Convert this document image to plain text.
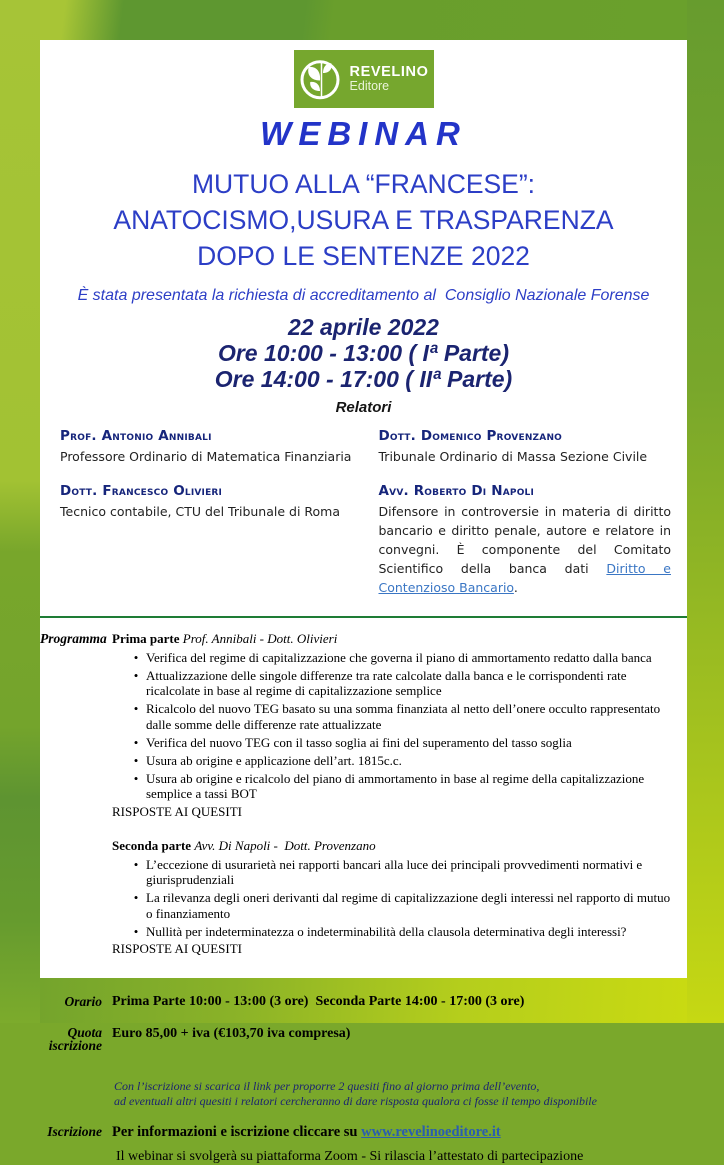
REVELINO
Editore
WEBINAR
MUTUO ALLA “FRANCESE”:
ANATOCISMO,USURA E TRASPARENZA
DOPO LE SENTENZE 2022
È stata presentata la richiesta di accreditamento al  Consiglio Nazionale Forense
22 aprile 2022
Ore 10:00 - 13:00 ( Iª Parte)
Ore 14:00 - 17:00 ( IIª Parte)
Relatori
Prof. Antonio Annibali
Professore Ordinario di Matematica Finanziaria
Dott. Francesco Olivieri
Tecnico contabile, CTU del Tribunale di Roma
Dott. Domenico Provenzano
Tribunale Ordinario di Massa Sezione Civile
Avv. Roberto Di Napoli
Difensore in controversie in materia di diritto bancario e diritto penale, autore e relatore in convegni. È componente del Comitato Scientifico della banca dati Diritto e Contenzioso Bancario.
Programma Prima parte Prof. Annibali - Dott. Olivieri
• Verifica del regime di capitalizzazione che governa il piano di ammortamento redatto dalla banca
• Attualizzazione delle singole differenze tra rate calcolate dalla banca e le corrispondenti rate ricalcolate in base al regime di capitalizzazione semplice
• Ricalcolo del nuovo TEG basato su una somma finanziata al netto dell’onere occulto rappresentato dalle somme delle differenze rate attualizzate
• Verifica del nuovo TEG con il tasso soglia ai fini del superamento del tasso soglia
• Usura ab origine e applicazione dell’art. 1815c.c.
• Usura ab origine e ricalcolo del piano di ammortamento in base al regime della capitalizzazione semplice a tassi BOT
RISPOSTE AI QUESITI
Seconda parte Avv. Di Napoli -  Dott. Provenzano
• L’eccezione di usurarietà nei rapporti bancari alla luce dei principali provvedimenti normativi e giurisprudenziali
• La rilevanza degli oneri derivanti dal regime di capitalizzazione degli interessi nel rapporto di mutuo o finanziamento
• Nullità per indeterminatezza o indeterminabilità della clausola determinativa degli interessi?
RISPOSTE AI QUESITI
Orario Prima Parte 10:00 - 13:00 (3 ore)  Seconda Parte 14:00 - 17:00 (3 ore)
Quota
iscrizione
Euro 85,00 + iva (€103,70 iva compresa)
Con l’iscrizione si scarica il link per proporre 2 quesiti fino al giorno prima dell’evento,
ad eventuali altri quesiti i relatori cercheranno di dare risposta qualora ci fosse il tempo disponibile
Iscrizione Per informazioni e iscrizione cliccare su www.revelinoeditore.it
Il webinar si svolgerà su piattaforma Zoom - Si rilascia l’attestato di partecipazione
